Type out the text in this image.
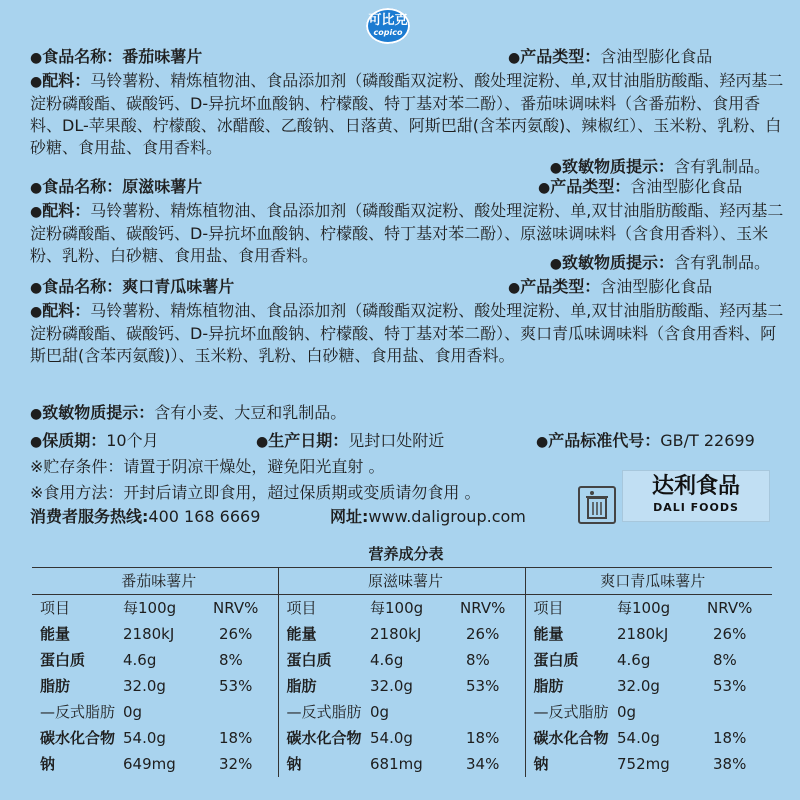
可比克
copico
●食品名称：番茄味薯片	●产品类型：含油型膨化食品
●配料：马铃薯粉、精炼植物油、食品添加剂（磷酸酯双淀粉、酸处理淀粉、单,双甘油脂肪酸酯、羟丙基二淀粉磷酸酯、碳酸钙、D-异抗坏血酸钠、柠檬酸、特丁基对苯二酚）、番茄味调味料（含番茄粉、食用香料、DL-苹果酸、柠檬酸、冰醋酸、乙酸钠、日落黄、阿斯巴甜(含苯丙氨酸)、辣椒红）、玉米粉、乳粉、白砂糖、食用盐、食用香料。
●致敏物质提示：含有乳制品。
●食品名称：原滋味薯片	●产品类型：含油型膨化食品
●配料：马铃薯粉、精炼植物油、食品添加剂（磷酸酯双淀粉、酸处理淀粉、单,双甘油脂肪酸酯、羟丙基二淀粉磷酸酯、碳酸钙、D-异抗坏血酸钠、柠檬酸、特丁基对苯二酚）、原滋味调味料（含食用香料）、玉米粉、乳粉、白砂糖、食用盐、食用香料。	●致敏物质提示：含有乳制品。
●食品名称：爽口青瓜味薯片	●产品类型：含油型膨化食品
●配料：马铃薯粉、精炼植物油、食品添加剂（磷酸酯双淀粉、酸处理淀粉、单,双甘油脂肪酸酯、羟丙基二淀粉磷酸酯、碳酸钙、D-异抗坏血酸钠、柠檬酸、特丁基对苯二酚）、爽口青瓜味调味料（含食用香料、阿斯巴甜(含苯丙氨酸)）、玉米粉、乳粉、白砂糖、食用盐、食用香料。
●致敏物质提示：含有小麦、大豆和乳制品。
●保质期：10个月	●生产日期：见封口处附近	●产品标准代号：GB/T 22699
※贮存条件：请置于阴凉干燥处，避免阳光直射 。
※食用方法：开封后请立即食用，超过保质期或变质请勿食用 。
消费者服务热线:400 168 6669	网址:www.daligroup.com
达利食品
DALI FOODS
营养成分表								
番茄味薯片			原滋味薯片			爽口青瓜味薯片		
项目	每100g	NRV%	项目	每100g	NRV%	项目	每100g	NRV%
能量	2180kJ	26%	能量	2180kJ	26%	能量	2180kJ	26%
蛋白质	4.6g	8%	蛋白质	4.6g	8%	蛋白质	4.6g	8%
脂肪	32.0g	53%	脂肪	32.0g	53%	脂肪	32.0g	53%
—反式脂肪	0g		—反式脂肪	0g		—反式脂肪	0g	
碳水化合物	54.0g	18%	碳水化合物	54.0g	18%	碳水化合物	54.0g	18%
钠	649mg	32%	钠	681mg	34%	钠	752mg	38%
